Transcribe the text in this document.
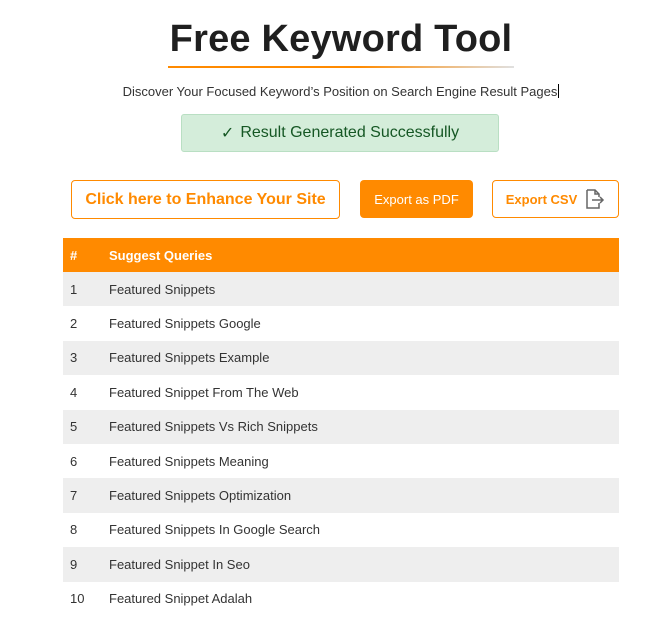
Free Keyword Tool
Discover Your Focused Keyword’s Position on Search Engine Result Pages
✓ Result Generated Successfully
Click here to Enhance Your Site	Export as PDF	Export CSV
#	Suggest Queries
1	Featured Snippets
2	Featured Snippets Google
3	Featured Snippets Example
4	Featured Snippet From The Web
5	Featured Snippets Vs Rich Snippets
6	Featured Snippets Meaning
7	Featured Snippets Optimization
8	Featured Snippets In Google Search
9	Featured Snippet In Seo
10	Featured Snippet Adalah
